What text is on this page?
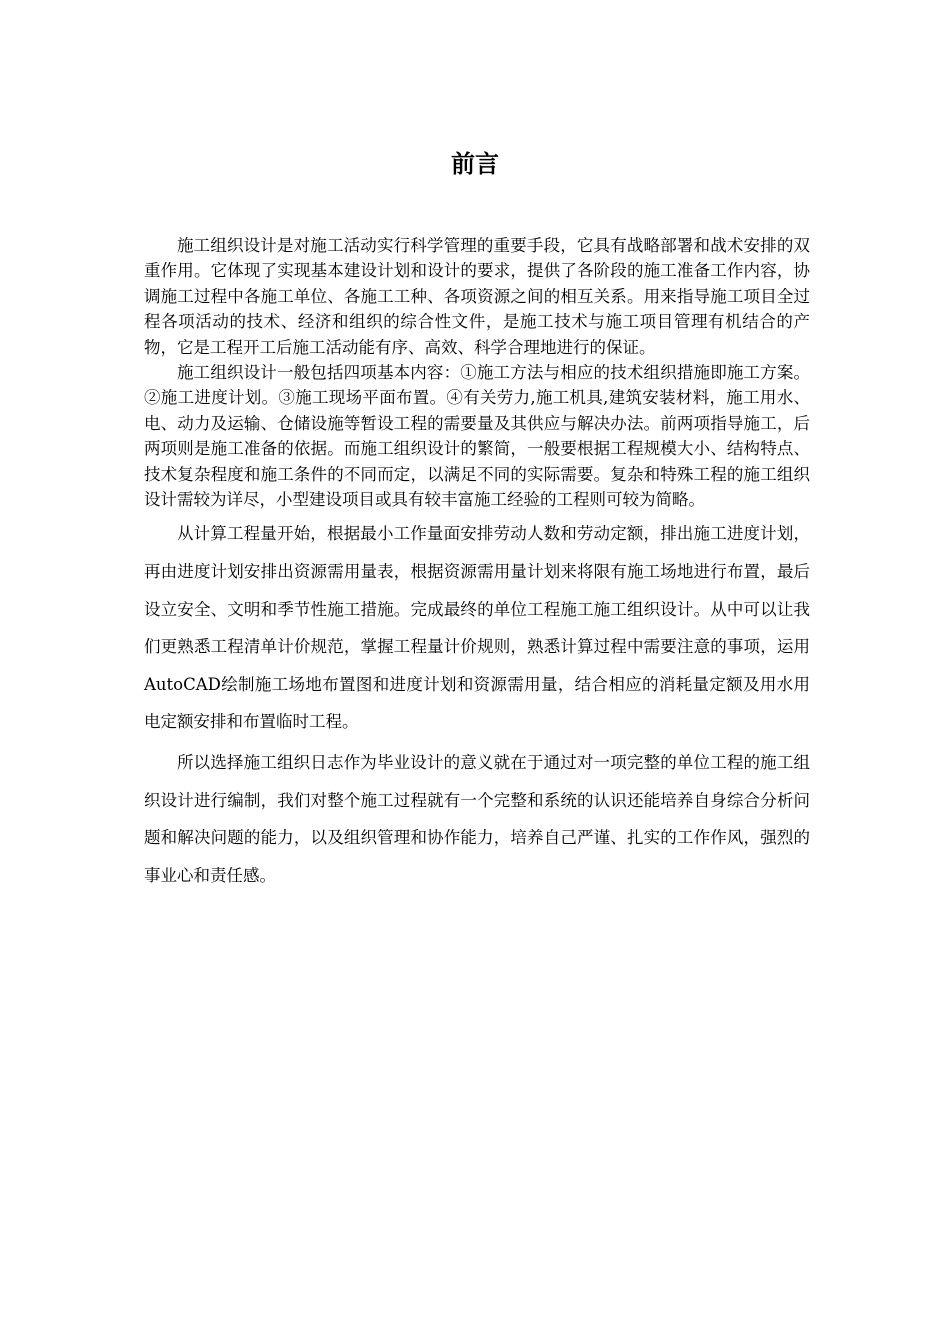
前言

施工组织设计是对施工活动实行科学管理的重要手段，它具有战略部署和战术安排的双重作用。它体现了实现基本建设计划和设计的要求，提供了各阶段的施工准备工作内容，协调施工过程中各施工单位、各施工工种、各项资源之间的相互关系。用来指导施工项目全过程各项活动的技术、经济和组织的综合性文件，是施工技术与施工项目管理有机结合的产物，它是工程开工后施工活动能有序、高效、科学合理地进行的保证。

施工组织设计一般包括四项基本内容：①施工方法与相应的技术组织措施即施工方案。②施工进度计划。③施工现场平面布置。④有关劳力,施工机具,建筑安装材料，施工用水、电、动力及运输、仓储设施等暂设工程的需要量及其供应与解决办法。前两项指导施工，后两项则是施工准备的依据。而施工组织设计的繁简，一般要根据工程规模大小、结构特点、技术复杂程度和施工条件的不同而定，以满足不同的实际需要。复杂和特殊工程的施工组织设计需较为详尽，小型建设项目或具有较丰富施工经验的工程则可较为简略。

从计算工程量开始，根据最小工作量面安排劳动人数和劳动定额，排出施工进度计划，再由进度计划安排出资源需用量表，根据资源需用量计划来将限有施工场地进行布置，最后设立安全、文明和季节性施工措施。完成最终的单位工程施工施工组织设计。从中可以让我们更熟悉工程清单计价规范，掌握工程量计价规则，熟悉计算过程中需要注意的事项，运用AutoCAD绘制施工场地布置图和进度计划和资源需用量，结合相应的消耗量定额及用水用电定额安排和布置临时工程。

所以选择施工组织日志作为毕业设计的意义就在于通过对一项完整的单位工程的施工组织设计进行编制，我们对整个施工过程就有一个完整和系统的认识还能培养自身综合分析问题和解决问题的能力，以及组织管理和协作能力，培养自己严谨、扎实的工作作风，强烈的事业心和责任感。
